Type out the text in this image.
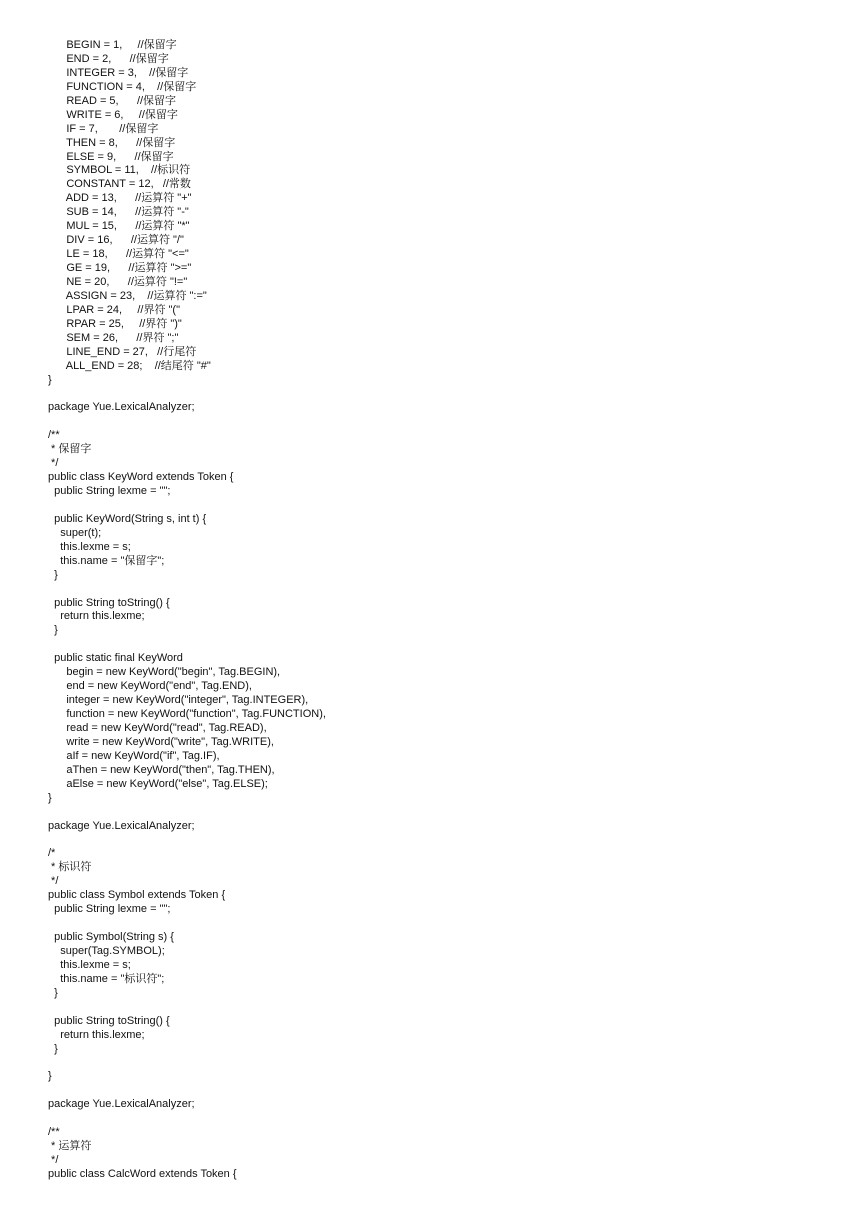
BEGIN = 1,     //保留字
END = 2,      //保留字
INTEGER = 3,    //保留字
FUNCTION = 4,    //保留字
READ = 5,      //保留字
WRITE = 6,     //保留字
IF = 7,       //保留字
THEN = 8,      //保留字
ELSE = 9,      //保留字
SYMBOL = 11,    //标识符
CONSTANT = 12,   //常数
ADD = 13,      //运算符 "+"
SUB = 14,      //运算符 "-"
MUL = 15,      //运算符 "*"
DIV = 16,      //运算符 "/"
LE = 18,      //运算符 "<="
GE = 19,      //运算符 ">="
NE = 20,      //运算符 "!="
ASSIGN = 23,    //运算符 ":="
LPAR = 24,     //界符 "("
RPAR = 25,     //界符 ")"
SEM = 26,      //界符 ";"
LINE_END = 27,   //行尾符
ALL_END = 28;    //结尾符 "#"
}
package Yue.LexicalAnalyzer;
/**
* 保留字
*/
public class KeyWord extends Token {
public String lexme = "";
public KeyWord(String s, int t) {
super(t);
this.lexme = s;
this.name = "保留字";
}
public String toString() {
return this.lexme;
}
public static final KeyWord
begin = new KeyWord("begin", Tag.BEGIN),
end = new KeyWord("end", Tag.END),
integer = new KeyWord("integer", Tag.INTEGER),
function = new KeyWord("function", Tag.FUNCTION),
read = new KeyWord("read", Tag.READ),
write = new KeyWord("write", Tag.WRITE),
aIf = new KeyWord("if", Tag.IF),
aThen = new KeyWord("then", Tag.THEN),
aElse = new KeyWord("else", Tag.ELSE);
}
package Yue.LexicalAnalyzer;
/*
* 标识符
*/
public class Symbol extends Token {
public String lexme = "";
public Symbol(String s) {
super(Tag.SYMBOL);
this.lexme = s;
this.name = "标识符";
}
public String toString() {
return this.lexme;
}
}
package Yue.LexicalAnalyzer;
/**
* 运算符
*/
public class CalcWord extends Token {
